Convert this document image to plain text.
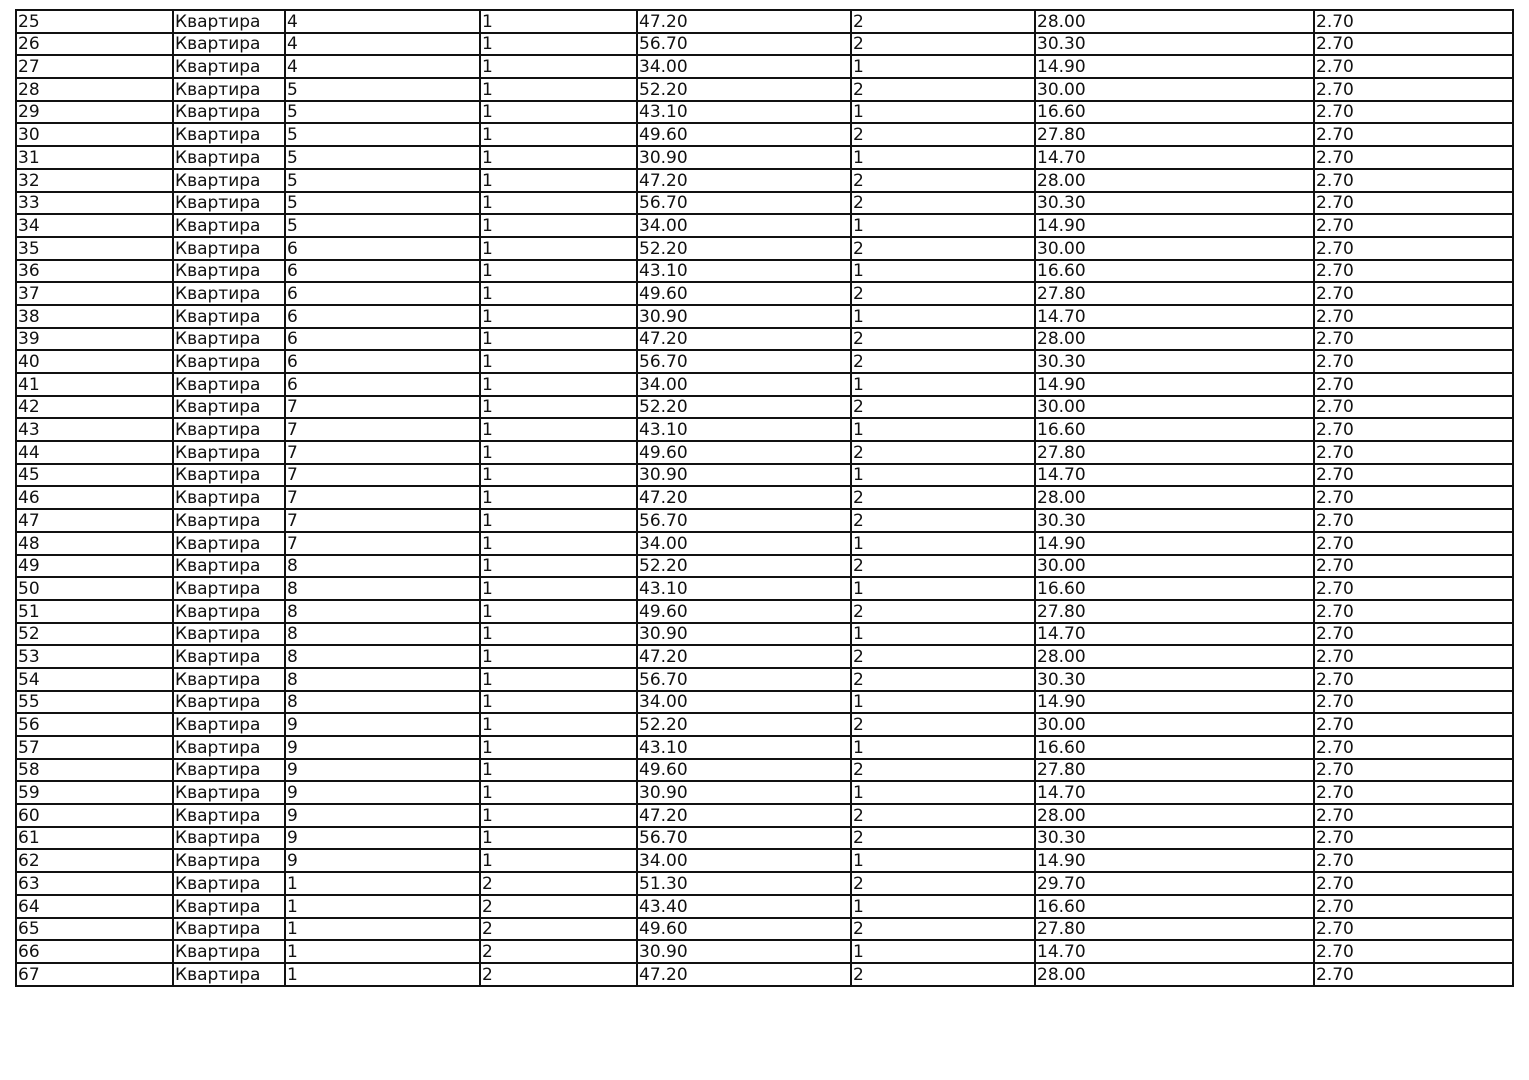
25	Квартира	4	1	47.20	2	28.00	2.70
26	Квартира	4	1	56.70	2	30.30	2.70
27	Квартира	4	1	34.00	1	14.90	2.70
28	Квартира	5	1	52.20	2	30.00	2.70
29	Квартира	5	1	43.10	1	16.60	2.70
30	Квартира	5	1	49.60	2	27.80	2.70
31	Квартира	5	1	30.90	1	14.70	2.70
32	Квартира	5	1	47.20	2	28.00	2.70
33	Квартира	5	1	56.70	2	30.30	2.70
34	Квартира	5	1	34.00	1	14.90	2.70
35	Квартира	6	1	52.20	2	30.00	2.70
36	Квартира	6	1	43.10	1	16.60	2.70
37	Квартира	6	1	49.60	2	27.80	2.70
38	Квартира	6	1	30.90	1	14.70	2.70
39	Квартира	6	1	47.20	2	28.00	2.70
40	Квартира	6	1	56.70	2	30.30	2.70
41	Квартира	6	1	34.00	1	14.90	2.70
42	Квартира	7	1	52.20	2	30.00	2.70
43	Квартира	7	1	43.10	1	16.60	2.70
44	Квартира	7	1	49.60	2	27.80	2.70
45	Квартира	7	1	30.90	1	14.70	2.70
46	Квартира	7	1	47.20	2	28.00	2.70
47	Квартира	7	1	56.70	2	30.30	2.70
48	Квартира	7	1	34.00	1	14.90	2.70
49	Квартира	8	1	52.20	2	30.00	2.70
50	Квартира	8	1	43.10	1	16.60	2.70
51	Квартира	8	1	49.60	2	27.80	2.70
52	Квартира	8	1	30.90	1	14.70	2.70
53	Квартира	8	1	47.20	2	28.00	2.70
54	Квартира	8	1	56.70	2	30.30	2.70
55	Квартира	8	1	34.00	1	14.90	2.70
56	Квартира	9	1	52.20	2	30.00	2.70
57	Квартира	9	1	43.10	1	16.60	2.70
58	Квартира	9	1	49.60	2	27.80	2.70
59	Квартира	9	1	30.90	1	14.70	2.70
60	Квартира	9	1	47.20	2	28.00	2.70
61	Квартира	9	1	56.70	2	30.30	2.70
62	Квартира	9	1	34.00	1	14.90	2.70
63	Квартира	1	2	51.30	2	29.70	2.70
64	Квартира	1	2	43.40	1	16.60	2.70
65	Квартира	1	2	49.60	2	27.80	2.70
66	Квартира	1	2	30.90	1	14.70	2.70
67	Квартира	1	2	47.20	2	28.00	2.70
